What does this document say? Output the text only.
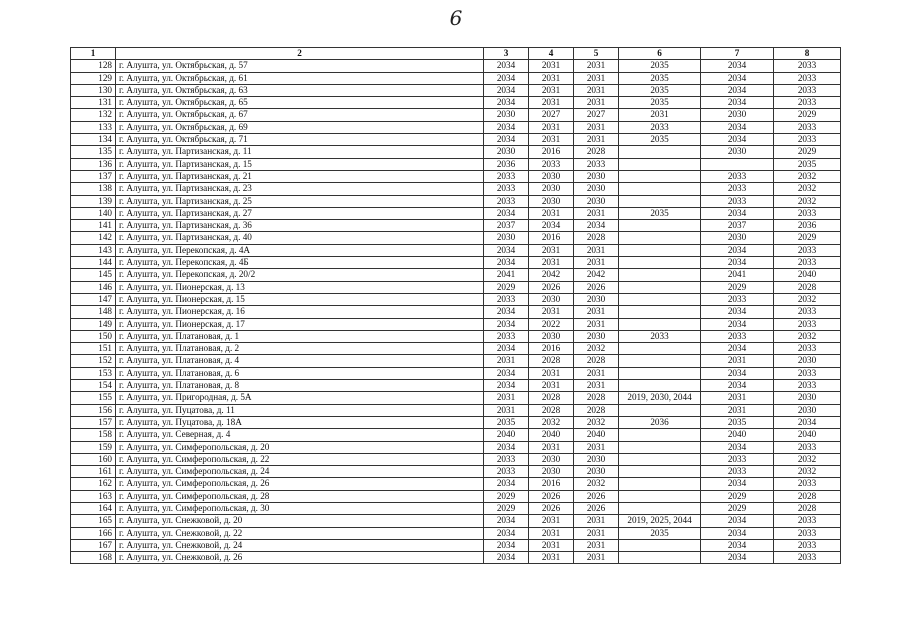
6
1	2	3	4	5	6	7	8
128	г. Алушта, ул. Октябрьская, д. 57	2034	2031	2031	2035	2034	2033
129	г. Алушта, ул. Октябрьская, д. 61	2034	2031	2031	2035	2034	2033
130	г. Алушта, ул. Октябрьская, д. 63	2034	2031	2031	2035	2034	2033
131	г. Алушта, ул. Октябрьская, д. 65	2034	2031	2031	2035	2034	2033
132	г. Алушта, ул. Октябрьская, д. 67	2030	2027	2027	2031	2030	2029
133	г. Алушта, ул. Октябрьская, д. 69	2034	2031	2031	2033	2034	2033
134	г. Алушта, ул. Октябрьская, д. 71	2034	2031	2031	2035	2034	2033
135	г. Алушта, ул. Партизанская, д. 11	2030	2016	2028		2030	2029
136	г. Алушта, ул. Партизанская, д. 15	2036	2033	2033			2035
137	г. Алушта, ул. Партизанская, д. 21	2033	2030	2030		2033	2032
138	г. Алушта, ул. Партизанская, д. 23	2033	2030	2030		2033	2032
139	г. Алушта, ул. Партизанская, д. 25	2033	2030	2030		2033	2032
140	г. Алушта, ул. Партизанская, д. 27	2034	2031	2031	2035	2034	2033
141	г. Алушта, ул. Партизанская, д. 36	2037	2034	2034		2037	2036
142	г. Алушта, ул. Партизанская, д. 40	2030	2016	2028		2030	2029
143	г. Алушта, ул. Перекопская, д. 4А	2034	2031	2031		2034	2033
144	г. Алушта, ул. Перекопская, д. 4Б	2034	2031	2031		2034	2033
145	г. Алушта, ул. Перекопская, д. 20/2	2041	2042	2042		2041	2040
146	г. Алушта, ул. Пионерская, д. 13	2029	2026	2026		2029	2028
147	г. Алушта, ул. Пионерская, д. 15	2033	2030	2030		2033	2032
148	г. Алушта, ул. Пионерская, д. 16	2034	2031	2031		2034	2033
149	г. Алушта, ул. Пионерская, д. 17	2034	2022	2031		2034	2033
150	г. Алушта, ул. Платановая, д. 1	2033	2030	2030	2033	2033	2032
151	г. Алушта, ул. Платановая, д. 2	2034	2016	2032		2034	2033
152	г. Алушта, ул. Платановая, д. 4	2031	2028	2028		2031	2030
153	г. Алушта, ул. Платановая, д. 6	2034	2031	2031		2034	2033
154	г. Алушта, ул. Платановая, д. 8	2034	2031	2031		2034	2033
155	г. Алушта, ул. Пригородная, д. 5А	2031	2028	2028	2019, 2030, 2044	2031	2030
156	г. Алушта, ул. Пуцатова, д. 11	2031	2028	2028		2031	2030
157	г. Алушта, ул. Пуцатова, д. 18А	2035	2032	2032	2036	2035	2034
158	г. Алушта, ул. Северная, д. 4	2040	2040	2040		2040	2040
159	г. Алушта, ул. Симферопольская, д. 20	2034	2031	2031		2034	2033
160	г. Алушта, ул. Симферопольская, д. 22	2033	2030	2030		2033	2032
161	г. Алушта, ул. Симферопольская, д. 24	2033	2030	2030		2033	2032
162	г. Алушта, ул. Симферопольская, д. 26	2034	2016	2032		2034	2033
163	г. Алушта, ул. Симферопольская, д. 28	2029	2026	2026		2029	2028
164	г. Алушта, ул. Симферопольская, д. 30	2029	2026	2026		2029	2028
165	г. Алушта, ул. Снежковой, д. 20	2034	2031	2031	2019, 2025, 2044	2034	2033
166	г. Алушта, ул. Снежковой, д. 22	2034	2031	2031	2035	2034	2033
167	г. Алушта, ул. Снежковой, д. 24	2034	2031	2031		2034	2033
168	г. Алушта, ул. Снежковой, д. 26	2034	2031	2031		2034	2033
